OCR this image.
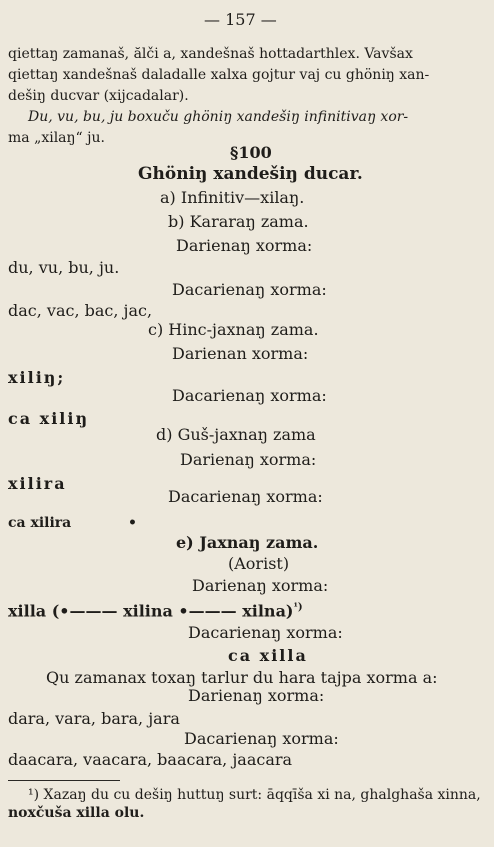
— 157 —
qiettaŋ zamanaš, ălči a, xandešnaš hottadarthlex. Vavšax
qiettaŋ xandešnaš daladalle xalxa gojtur vaj cu ghöniŋ xan-
dešiŋ ducvar (xijcadalar).
Du, vu, bu, ju boxuču ghöniŋ xandešiŋ infinitivaŋ xor-
ma „xilaŋ“ ju.
§100
Ghöniŋ xandešiŋ ducar.
a) Infinitiv—xilaŋ.
b) Kararaŋ zama.
Darienaŋ xorma:
du, vu, bu, ju.
Dacarienaŋ xorma:
dac, vac, bac, jac,
c) Hinc-jaxnaŋ zama.
Darienan xorma:
xiliŋ;
Dacarienaŋ xorma:
ca xiliŋ
d) Guš-jaxnaŋ zama
Darienaŋ xorma:
xilira
Dacarienaŋ xorma:
ca xilira	•
e) Jaxnaŋ zama.
(Aorist)
Darienaŋ xorma:
xilla (•——— xilina •——— xilna)$^{^1)}$
Dacarienaŋ xorma:
ca xilla
Qu zamanax toxaŋ tarlur du hara tajpa xorma a:
Darienaŋ xorma:
dara, vara, bara, jara
Dacarienaŋ xorma:
daacara, vaacara, baacara, jaacara
¹) Xazaŋ du cu dešiŋ huttuŋ surt: āqqīša xi na, ghalghaša xinna,
noxčuša xilla olu.
